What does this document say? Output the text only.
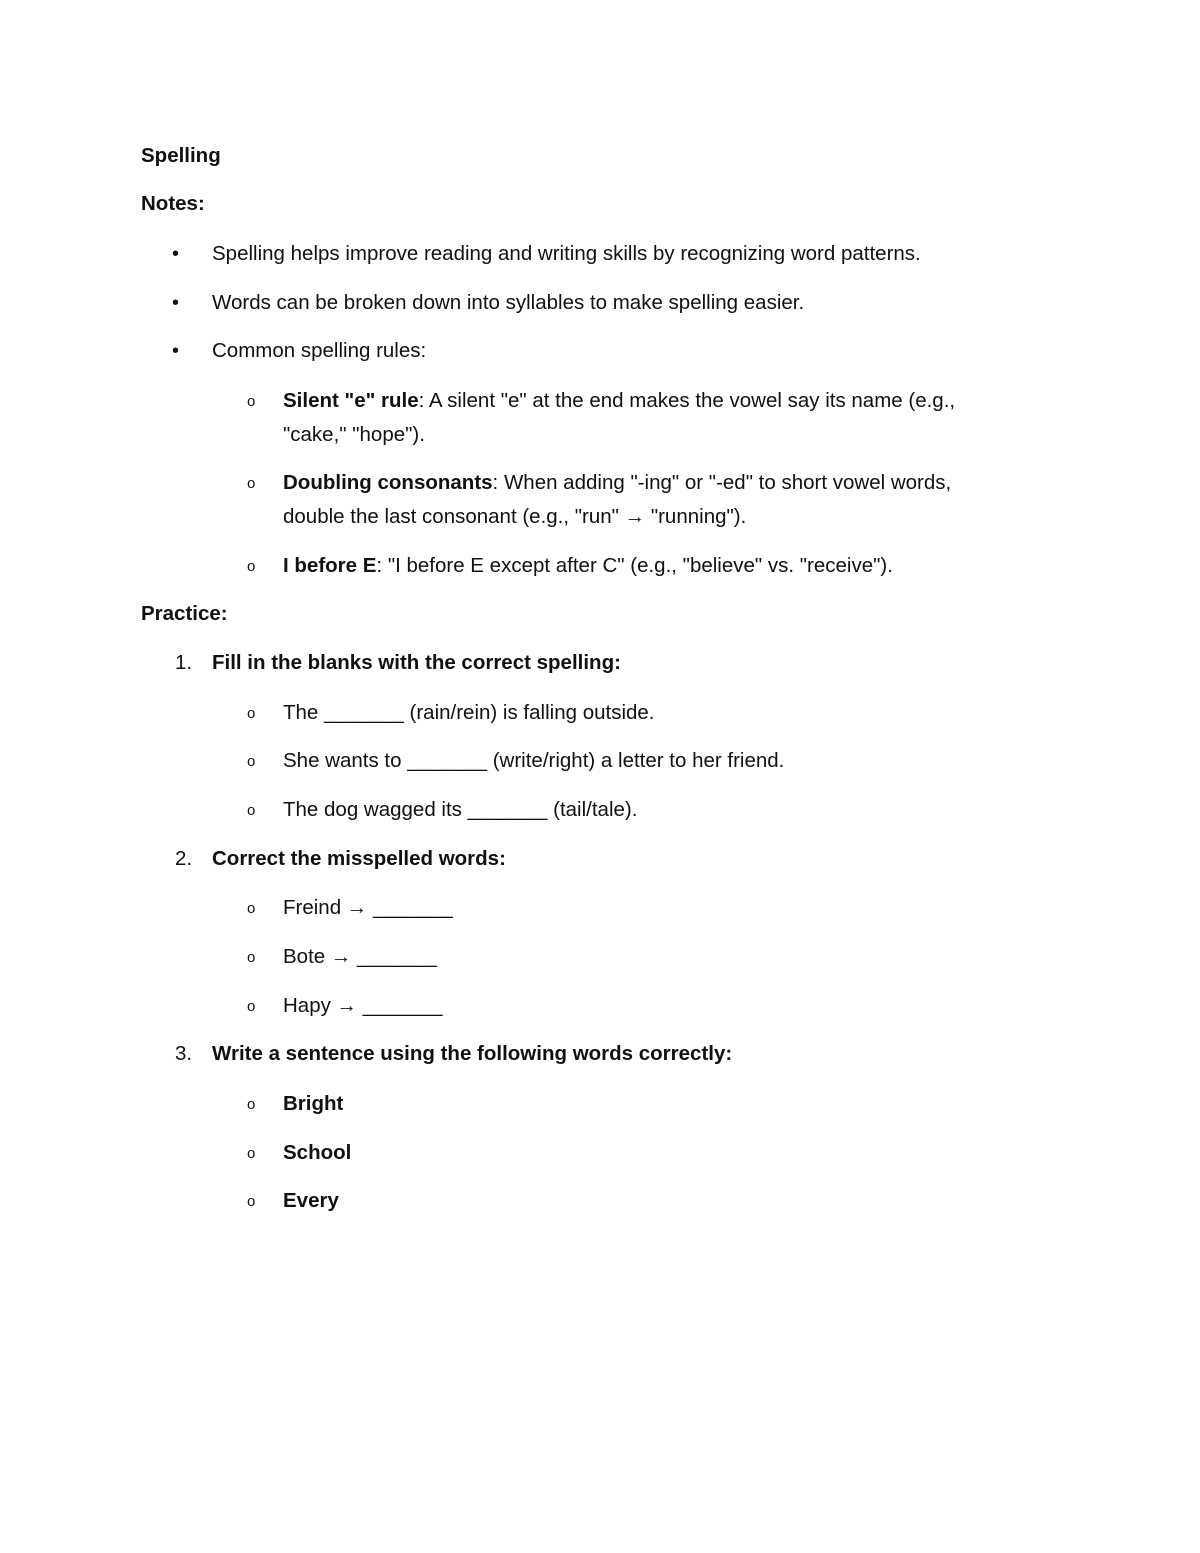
Spelling
Notes:
• Spelling helps improve reading and writing skills by recognizing word patterns.
• Words can be broken down into syllables to make spelling easier.
• Common spelling rules:
o Silent "e" rule: A silent "e" at the end makes the vowel say its name (e.g.,
"cake," "hope").
o Doubling consonants: When adding "-ing" or "-ed" to short vowel words,
double the last consonant (e.g., "run" → "running").
o I before E: "I before E except after C" (e.g., "believe" vs. "receive").
Practice:
1. Fill in the blanks with the correct spelling:
o The _______ (rain/rein) is falling outside.
o She wants to _______ (write/right) a letter to her friend.
o The dog wagged its _______ (tail/tale).
2. Correct the misspelled words:
o Freind → _______
o Bote → _______
o Hapy → _______
3. Write a sentence using the following words correctly:
o Bright
o School
o Every
